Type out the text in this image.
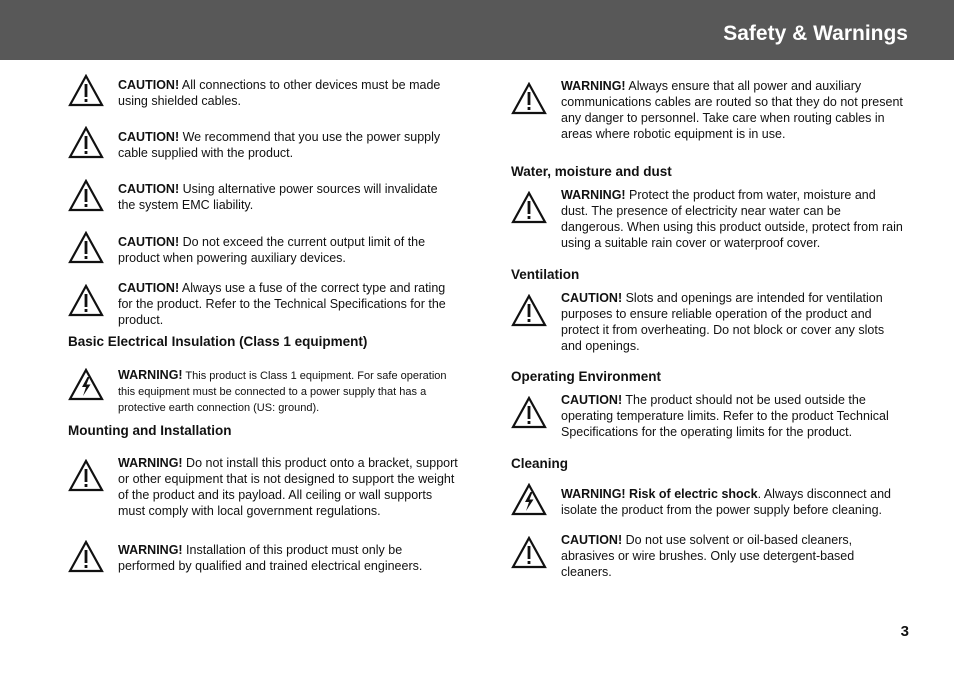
Safety & Warnings
CAUTION! All connections to other devices must be made using shielded cables.
CAUTION! We recommend that you use the power supply cable supplied with the product.
CAUTION! Using alternative power sources will invalidate the system EMC liability.
CAUTION! Do not exceed the current output limit of the product when powering auxiliary devices.
CAUTION! Always use a fuse of the correct type and rating for the product. Refer to the Technical Specifications for the product.
Basic Electrical Insulation (Class 1 equipment)
WARNING! This product is Class 1 equipment. For safe operation this equipment must be connected to a power supply that has a protective earth connection (US: ground).
Mounting and Installation
WARNING! Do not install this product onto a bracket, support or other equipment that is not designed to support the weight of the product and its payload. All ceiling or wall supports must comply with local government regulations.
WARNING! Installation of this product must only be performed by qualified and trained electrical engineers.
WARNING! Always ensure that all power and auxiliary communications cables are routed so that they do not present any danger to personnel. Take care when routing cables in areas where robotic equipment is in use.
Water, moisture and dust
WARNING! Protect the product from water, moisture and dust. The presence of electricity near water can be dangerous. When using this product outside, protect from rain using a suitable rain cover or waterproof cover.
Ventilation
CAUTION! Slots and openings are intended for ventilation purposes to ensure reliable operation of the product and protect it from overheating. Do not block or cover any slots and openings.
Operating Environment
CAUTION! The product should not be used outside the operating temperature limits. Refer to the product Technical Specifications for the operating limits for the product.
Cleaning
WARNING! Risk of electric shock. Always disconnect and isolate the product from the power supply before cleaning.
CAUTION! Do not use solvent or oil-based cleaners, abrasives or wire brushes. Only use detergent-based cleaners.
3
